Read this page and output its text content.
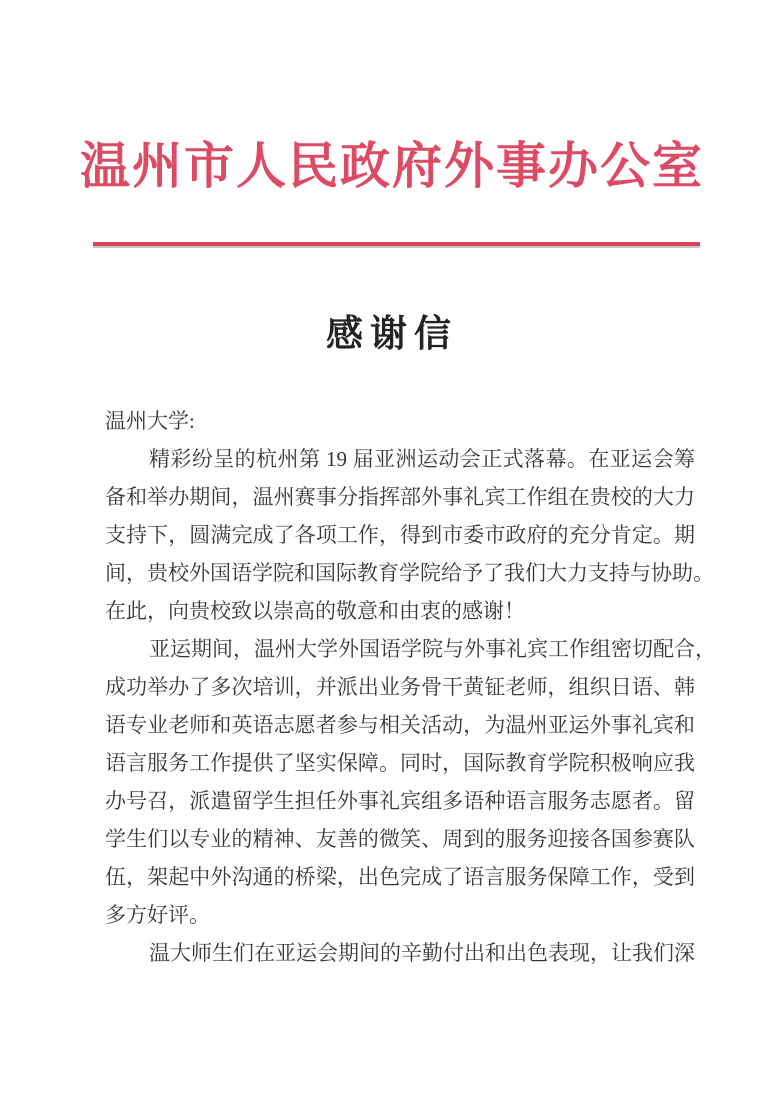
温州市人民政府外事办公室
感谢信
温州大学:
精彩纷呈的杭州第 19 届亚洲运动会正式落幕。在亚运会筹
备和举办期间，温州赛事分指挥部外事礼宾工作组在贵校的大力
支持下，圆满完成了各项工作，得到市委市政府的充分肯定。期
间，贵校外国语学院和国际教育学院给予了我们大力支持与协助。
在此，向贵校致以崇高的敬意和由衷的感谢！
亚运期间，温州大学外国语学院与外事礼宾工作组密切配合，
成功举办了多次培训，并派出业务骨干黄钲老师，组织日语、韩
语专业老师和英语志愿者参与相关活动，为温州亚运外事礼宾和
语言服务工作提供了坚实保障。同时，国际教育学院积极响应我
办号召，派遣留学生担任外事礼宾组多语种语言服务志愿者。留
学生们以专业的精神、友善的微笑、周到的服务迎接各国参赛队
伍，架起中外沟通的桥梁，出色完成了语言服务保障工作，受到
多方好评。
温大师生们在亚运会期间的辛勤付出和出色表现，让我们深
